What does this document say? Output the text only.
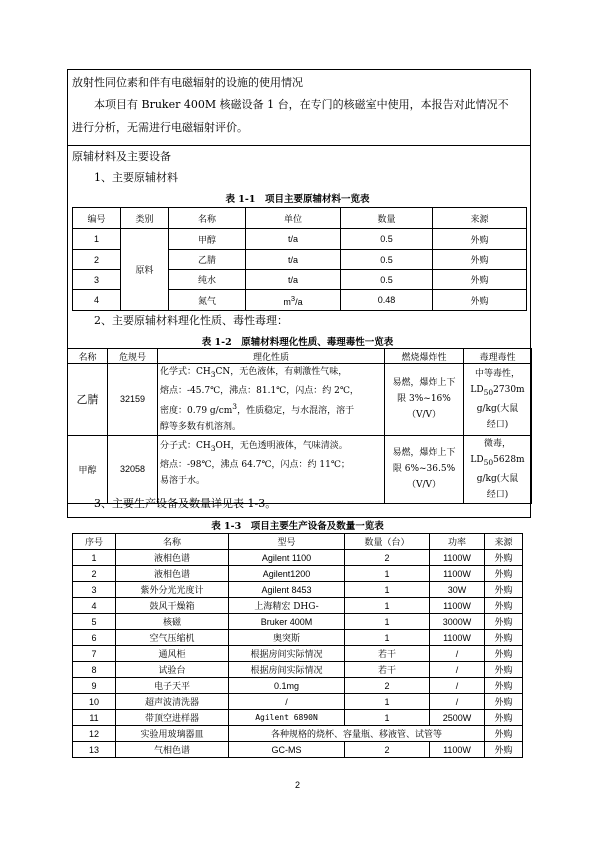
放射性同位素和伴有电磁辐射的设施的使用情况
本项目有 Bruker 400M 核磁设备 1 台，在专门的核磁室中使用，本报告对此情况不
进行分析，无需进行电磁辐射评价。
原辅材料及主要设备
1、主要原辅材料
表 1-1　项目主要原辅材料一览表
编号	类别	名称	单位	数量	来源
1	原料	甲醇	t/a	0.5	外购
2		乙腈	t/a	0.5	外购
3		纯水	t/a	0.5	外购
4		氮气	$m^3/a$	0.48	外购
2、主要原辅材料理化性质、毒性毒理：
表 1-2　原辅材料理化性质、毒理毒性一览表
名称	危规号	理化性质	燃烧爆炸性	毒理毒性
乙腈	32159	化学式：$CH_3CN$，无色液体，有刺激性气味，
熔点：-45.7℃，沸点：81.1℃，闪点：约 2℃，
密度：0.79 $g/cm^3$，性质稳定，与水混溶，溶于
醇等多数有机溶剂。	易燃，爆炸上下
限 3%~16%
（V/V）	中等毒性，
$LD_{50}2730m$
g/kg(大鼠
经口)
甲醇	32058	分子式：$CH_3OH$，无色透明液体，气味清淡。
熔点：-98℃，沸点 64.7℃，闪点：约 11℃；
易溶于水。	易燃，爆炸上下
限 6%~36.5%
（V/V）	微毒，
$LD_{50}5628m$
g/kg(大鼠
经口)
3、主要生产设备及数量详见表 1-3。
表 1-3　项目主要生产设备及数量一览表
序号	名称	型号	数量（台）	功率	来源
1	液相色谱	Agilent 1100	2	1100W	外购
2	液相色谱	Agilent1200	1	1100W	外购
3	紫外分光光度计	Agilent 8453	1	30W	外购
4	鼓风干燥箱	上海精宏 DHG-	1	1100W	外购
5	核磁	Bruker 400M	1	3000W	外购
6	空气压缩机	奥突斯	1	1100W	外购
7	通风柜	根据房间实际情况	若干	/	外购
8	试验台	根据房间实际情况	若干	/	外购
9	电子天平	0.1mg	2	/	外购
10	超声波清洗器	/	1	/	外购
11	带顶空进样器	Agilent 6890N	1	2500W	外购
12	实验用玻璃器皿	各种规格的烧杯、容量瓶、移液管、试管等			外购
13	气相色谱	GC-MS	2	1100W	外购
2
